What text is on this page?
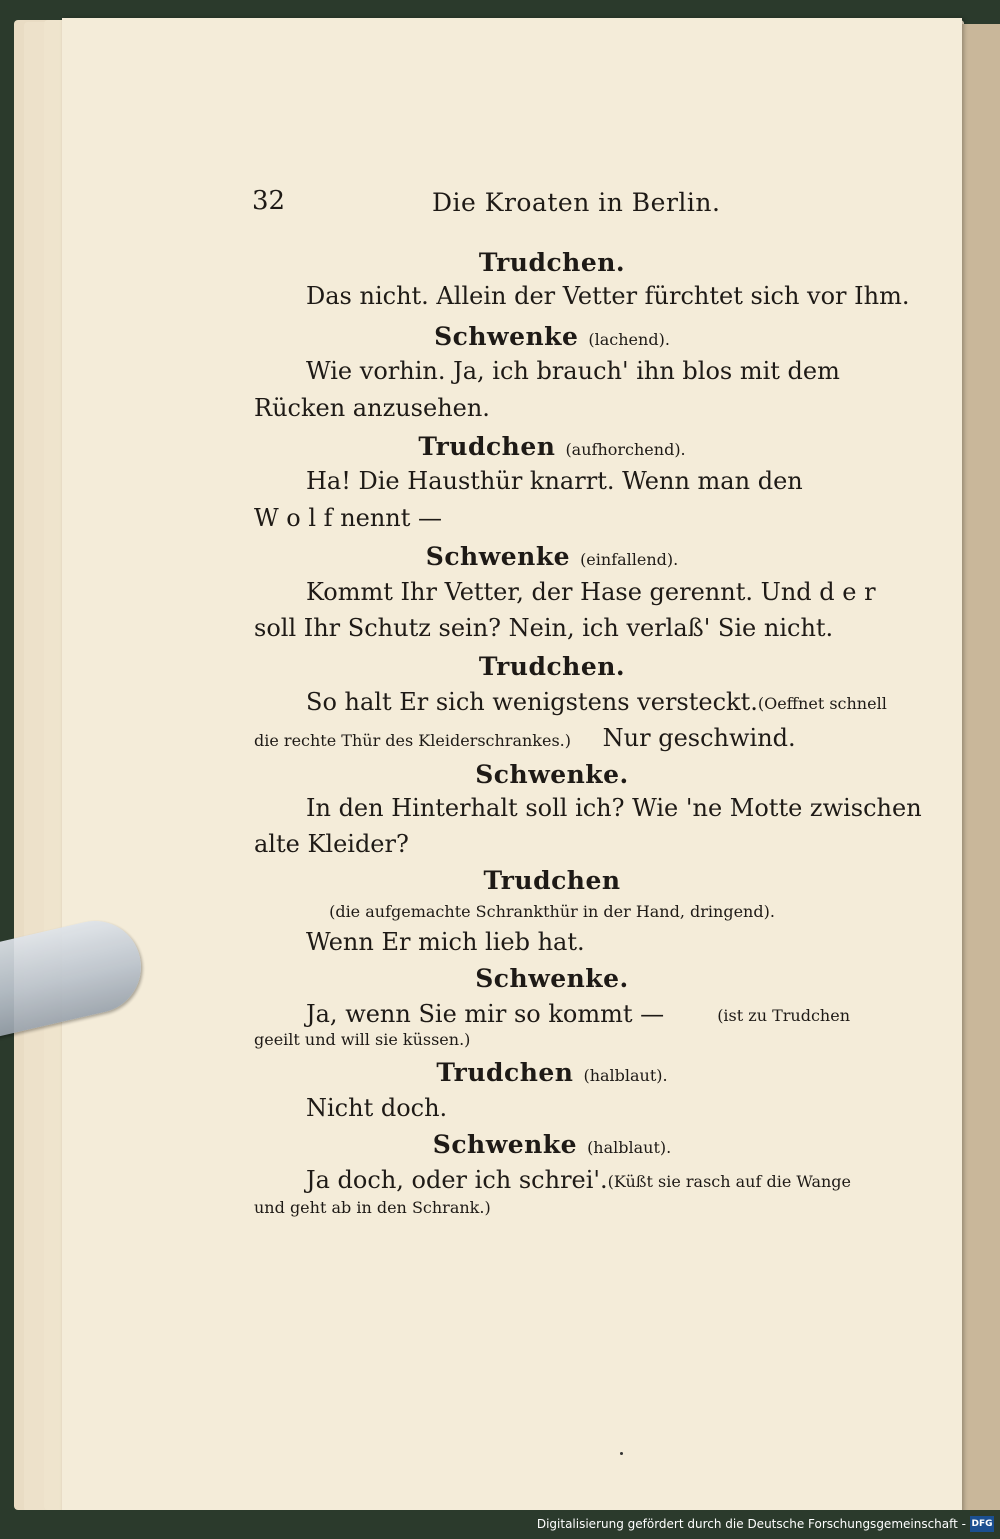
32	Die Kroaten in Berlin.
Trudchen.
Das nicht. Allein der Vetter fürchtet sich vor Ihm.
Schwenke (lachend).
Wie vorhin. Ja, ich brauch' ihn blos mit dem
Rücken anzusehen.
Trudchen (aufhorchend).
Ha! Die Hausthür knarrt. Wenn man den
W o l f nennt —
Schwenke (einfallend).
Kommt Ihr Vetter, der Hase gerennt. Und d e r
soll Ihr Schutz sein? Nein, ich verlaß' Sie nicht.
Trudchen.
So halt Er sich wenigstens versteckt. (Oeffnet schnell
die rechte Thür des Kleiderschrankes.) Nur geschwind.
Schwenke.
In den Hinterhalt soll ich? Wie 'ne Motte zwischen
alte Kleider?
Trudchen
(die aufgemachte Schrankthür in der Hand, dringend).
Wenn Er mich lieb hat.
Schwenke.
Ja, wenn Sie mir so kommt —	(ist zu Trudchen
geeilt und will sie küssen.)
Trudchen (halblaut).
Nicht doch.
Schwenke (halblaut).
Ja doch, oder ich schrei'. (Küßt sie rasch auf die Wange
und geht ab in den Schrank.)
Digitalisierung gefördert durch die Deutsche Forschungsgemeinschaft - DFG
